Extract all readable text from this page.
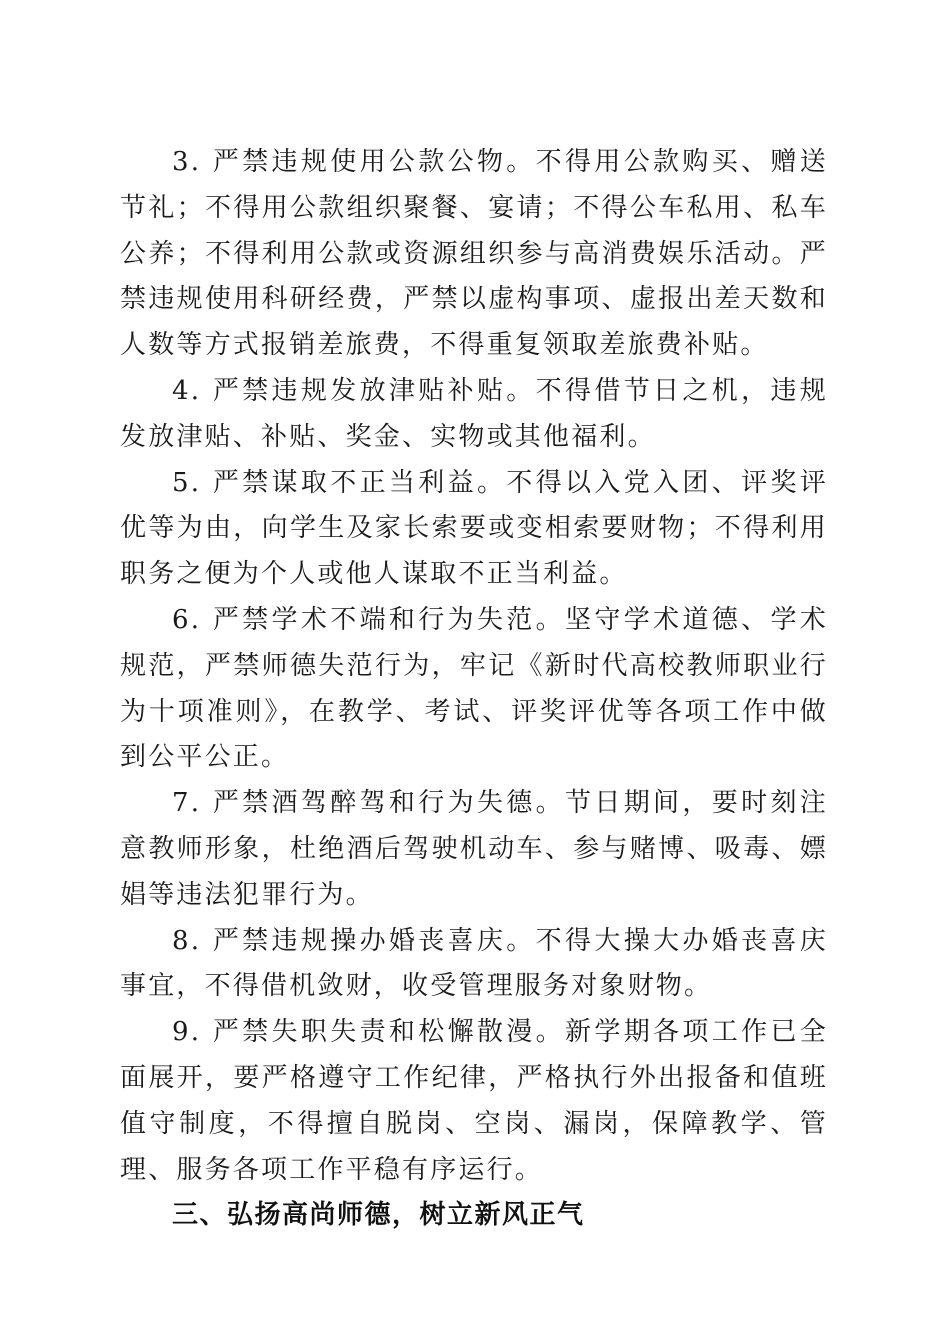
3. 严禁违规使用公款公物。不得用公款购买、赠送节礼；不得用公款组织聚餐、宴请；不得公车私用、私车公养；不得利用公款或资源组织参与高消费娱乐活动。严禁违规使用科研经费，严禁以虚构事项、虚报出差天数和人数等方式报销差旅费，不得重复领取差旅费补贴。

4. 严禁违规发放津贴补贴。不得借节日之机，违规发放津贴、补贴、奖金、实物或其他福利。

5. 严禁谋取不正当利益。不得以入党入团、评奖评优等为由，向学生及家长索要或变相索要财物；不得利用职务之便为个人或他人谋取不正当利益。

6. 严禁学术不端和行为失范。坚守学术道德、学术规范，严禁师德失范行为，牢记《新时代高校教师职业行为十项准则》，在教学、考试、评奖评优等各项工作中做到公平公正。

7. 严禁酒驾醉驾和行为失德。节日期间，要时刻注意教师形象，杜绝酒后驾驶机动车、参与赌博、吸毒、嫖娼等违法犯罪行为。

8. 严禁违规操办婚丧喜庆。不得大操大办婚丧喜庆事宜，不得借机敛财，收受管理服务对象财物。

9. 严禁失职失责和松懈散漫。新学期各项工作已全面展开，要严格遵守工作纪律，严格执行外出报备和值班值守制度，不得擅自脱岗、空岗、漏岗，保障教学、管理、服务各项工作平稳有序运行。

三、弘扬高尚师德，树立新风正气
